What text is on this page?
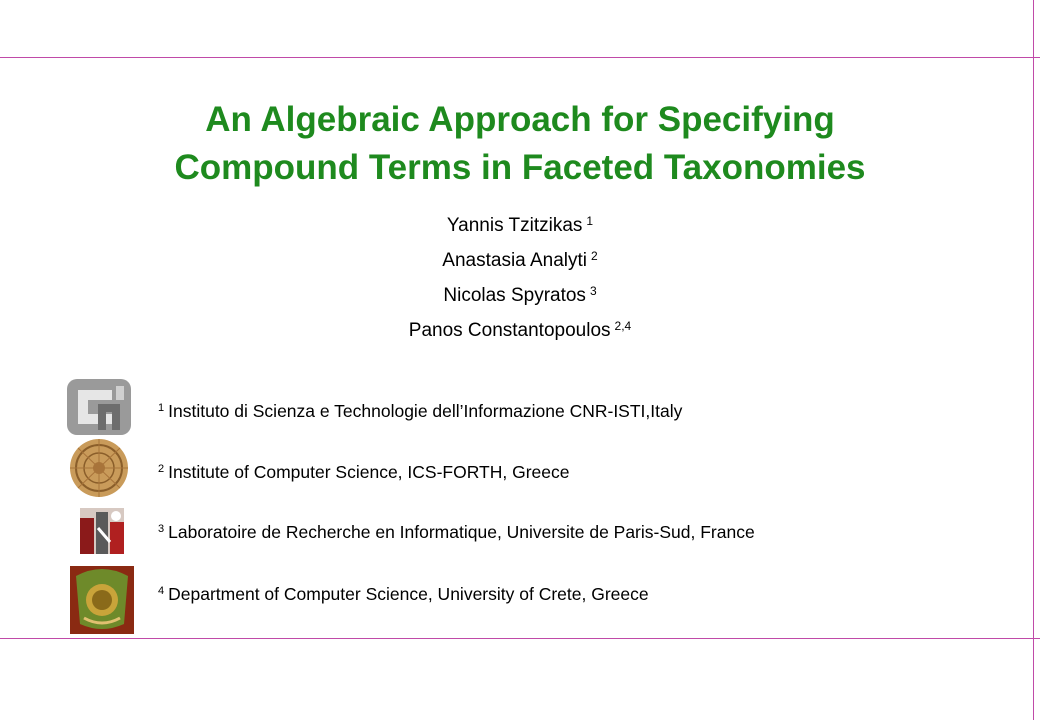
An Algebraic Approach for Specifying
Compound Terms in Faceted Taxonomies
Yannis Tzitzikas $^1$
Anastasia Analyti $^2$
Nicolas Spyratos $^3$
Panos Constantopoulos $^{2,4}$
$^1$ Instituto di Scienza e Technologie dell’Informazione CNR-ISTI,Italy
$^2$ Institute of Computer Science, ICS-FORTH, Greece
$^3$ Laboratoire de Recherche en Informatique, Universite de Paris-Sud, France
$^4$ Department of Computer Science, University of Crete, Greece
